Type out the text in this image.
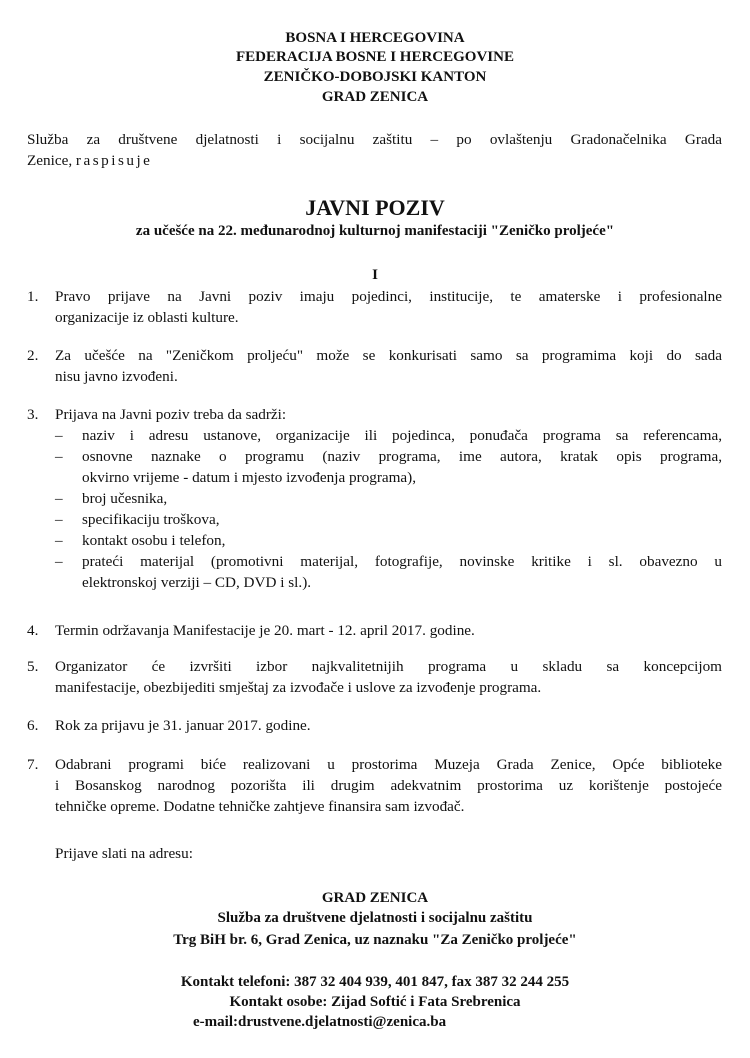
BOSNA I HERCEGOVINA
FEDERACIJA BOSNE I HERCEGOVINE
ZENIČKO-DOBOJSKI KANTON
GRAD ZENICA
Služba za društvene djelatnosti i socijalnu zaštitu – po ovlaštenju Gradonačelnika Grada
Zenice, raspisuje
JAVNI POZIV
za učešće na 22. međunarodnoj kulturnoj manifestaciji "Zeničko proljeće"
I
1.	Pravo prijave na Javni poziv imaju pojedinci, institucije, te amaterske i profesionalne
organizacije iz oblasti kulture.
2.	Za učešće na "Zeničkom proljeću" može se konkurisati samo sa programima koji do sada
nisu javno izvođeni.
3.	Prijava na Javni poziv treba da sadrži:
–	naziv i adresu ustanove, organizacije ili pojedinca, ponuđača programa sa referencama,
–	osnovne naznake o programu (naziv programa, ime autora, kratak opis programa,
okvirno vrijeme - datum i mjesto izvođenja programa),
–	broj učesnika,
–	specifikaciju troškova,
–	kontakt osobu i telefon,
–	prateći materijal (promotivni materijal, fotografije, novinske kritike i sl. obavezno u
elektronskoj verziji – CD, DVD i sl.).
4.	Termin održavanja Manifestacije je 20. mart - 12. april 2017. godine.
5.	Organizator će izvršiti izbor najkvalitetnijih programa u skladu sa koncepcijom
manifestacije, obezbijediti smještaj za izvođače i uslove za izvođenje programa.
6.	Rok za prijavu je 31. januar 2017. godine.
7.	Odabrani programi biće realizovani u prostorima Muzeja Grada Zenice, Opće biblioteke
i Bosanskog narodnog pozorišta ili drugim adekvatnim prostorima uz korištenje postojeće
tehničke opreme. Dodatne tehničke zahtjeve finansira sam izvođač.
Prijave slati na adresu:
GRAD ZENICA
Služba za društvene djelatnosti i socijalnu zaštitu
Trg BiH br. 6, Grad Zenica, uz naznaku "Za Zeničko proljeće"
Kontakt telefoni: 387 32 404 939, 401 847, fax 387 32 244 255
Kontakt osobe: Zijad Softić i Fata Srebrenica
e-mail:drustvene.djelatnosti@zenica.ba
